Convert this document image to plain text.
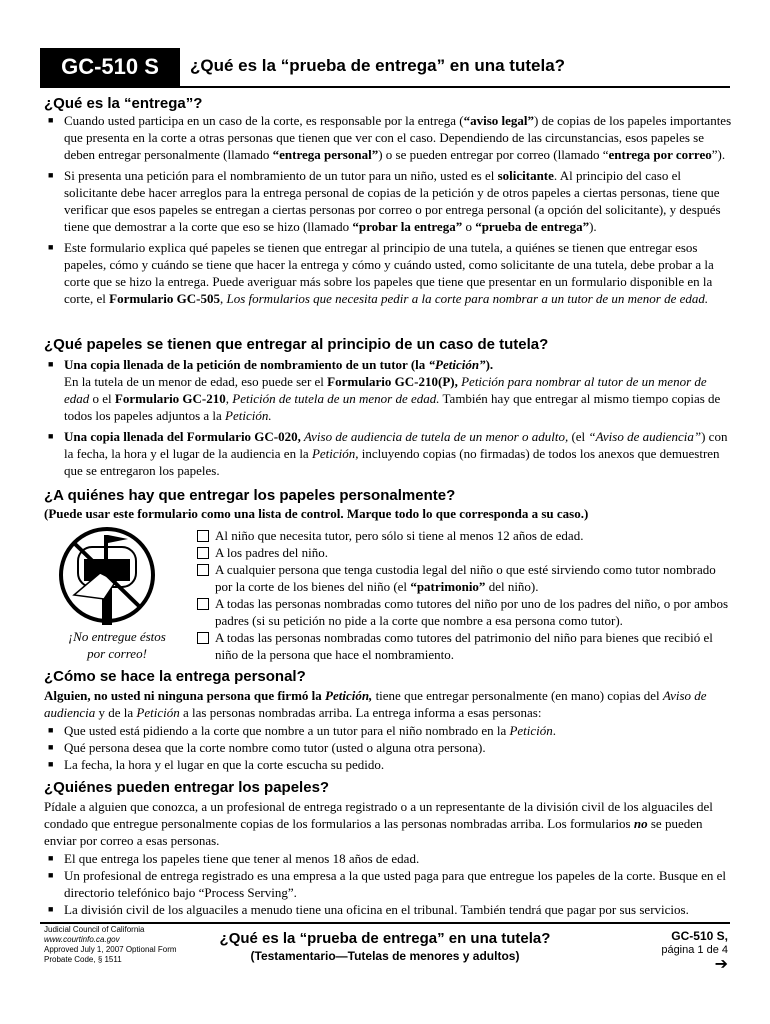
GC-510 S	¿Qué es la “prueba de entrega” en una tutela?
¿Qué es la “entrega”?
■ Cuando usted participa en un caso de la corte, es responsable por la entrega (“aviso legal”) de copias de los papeles importantes que presenta en la corte a otras personas que tienen que ver con el caso. Dependiendo de las circunstancias, esos papeles se deben entregar personalmente (llamado “entrega personal”) o se pueden entregar por correo (llamado “entrega por correo”).
■ Si presenta una petición para el nombramiento de un tutor para un niño, usted es el solicitante. Al principio del caso el solicitante debe hacer arreglos para la entrega personal de copias de la petición y de otros papeles a ciertas personas, tiene que verificar que esos papeles se entregan a ciertas personas por correo o por entrega personal (a opción del solicitante), y después tiene que demostrar a la corte que eso se hizo (llamado “probar la entrega” o “prueba de entrega”).
■ Este formulario explica qué papeles se tienen que entregar al principio de una tutela, a quiénes se tienen que entregar esos papeles, cómo y cuándo se tiene que hacer la entrega y cómo y cuándo usted, como solicitante de una tutela, debe probar a la corte que se hizo la entrega. Puede averiguar más sobre los papeles que tiene que presentar en un formulario disponible en la corte, el Formulario GC-505, Los formularios que necesita pedir a la corte para nombrar a un tutor de un menor de edad.
¿Qué papeles se tienen que entregar al principio de un caso de tutela?
■ Una copia llenada de la petición de nombramiento de un tutor (la “Petición”).
En la tutela de un menor de edad, eso puede ser el Formulario GC-210(P), Petición para nombrar al tutor de un menor de edad o el Formulario GC-210, Petición de tutela de un menor de edad. También hay que entregar al mismo tiempo copias de todos los papeles adjuntos a la Petición.
■ Una copia llenada del Formulario GC-020, Aviso de audiencia de tutela de un menor o adulto, (el “Aviso de audiencia”) con la fecha, la hora y el lugar de la audiencia en la Petición, incluyendo copias (no firmadas) de todos los anexos que demuestren que se entregaron los papeles.
¿A quiénes hay que entregar los papeles personalmente?
(Puede usar este formulario como una lista de control. Marque todo lo que corresponda a su caso.)
¡No entregue éstos
por correo!
Al niño que necesita tutor, pero sólo si tiene al menos 12 años de edad.
A los padres del niño.
A cualquier persona que tenga custodia legal del niño o que esté sirviendo como tutor nombrado por la corte de los bienes del niño (el “patrimonio” del niño).
A todas las personas nombradas como tutores del niño por uno de los padres del niño, o por ambos padres (si su petición no pide a la corte que nombre a esa persona como tutor).
A todas las personas nombradas como tutores del patrimonio del niño para bienes que recibió el niño de la persona que hace el nombramiento.
¿Cómo se hace la entrega personal?
Alguien, no usted ni ninguna persona que firmó la Petición, tiene que entregar personalmente (en mano) copias del Aviso de audiencia y de la Petición a las personas nombradas arriba. La entrega informa a esas personas:
■ Que usted está pidiendo a la corte que nombre a un tutor para el niño nombrado en la Petición.
■ Qué persona desea que la corte nombre como tutor (usted o alguna otra persona).
■ La fecha, la hora y el lugar en que la corte escucha su pedido.
¿Quiénes pueden entregar los papeles?
Pídale a alguien que conozca, a un profesional de entrega registrado o a un representante de la división civil de los alguaciles del condado que entregue personalmente copias de los formularios a las personas nombradas arriba. Los formularios no se pueden enviar por correo a esas personas.
■ El que entrega los papeles tiene que tener al menos 18 años de edad.
■ Un profesional de entrega registrado es una empresa a la que usted paga para que entregue los papeles de la corte. Busque en el directorio telefónico bajo “Process Serving”.
■ La división civil de los alguaciles a menudo tiene una oficina en el tribunal. También tendrá que pagar por sus servicios.
Judicial Council of California
www.courtinfo.ca.gov
Approved July 1, 2007 Optional Form
Probate Code, § 1511
¿Qué es la “prueba de entrega” en una tutela?
(Testamentario—Tutelas de menores y adultos)
GC-510 S,
página 1 de 4
➔
